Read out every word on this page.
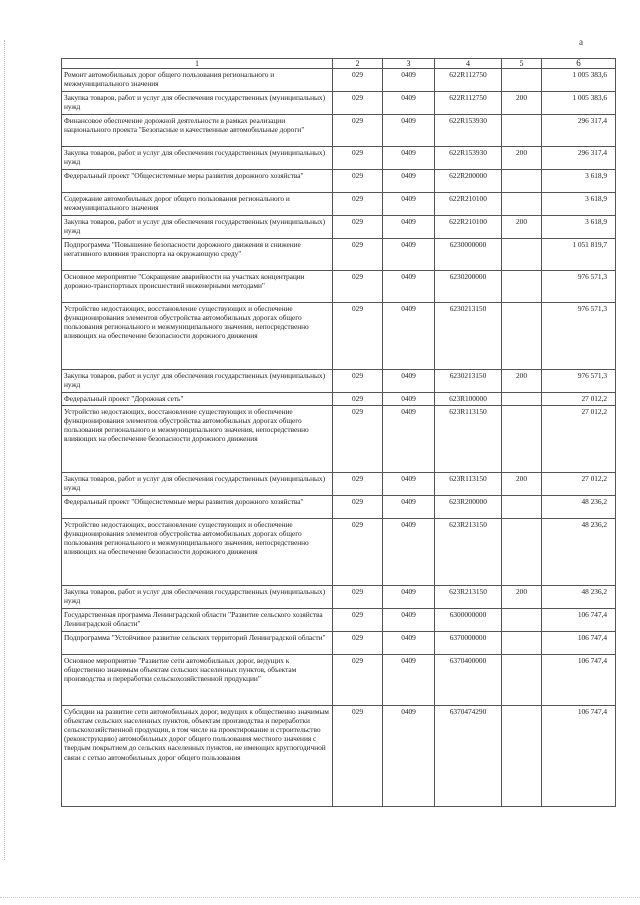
a
1	2	3	4	5	6
Ремонт автомобильных дорог общего пользования регионального и межмуниципального значения	029	0409	622R112750		1 005 383,6
Закупка товаров, работ и услуг для обеспечения государственных (муниципальных) нужд	029	0409	622R112750	200	1 005 383,6
Финансовое обеспечение дорожной деятельности в рамках реализации национального проекта "Безопасные и качественные автомобильные дороги"	029	0409	622R153930		296 317,4
Закупка товаров, работ и услуг для обеспечения государственных (муниципальных) нужд	029	0409	622R153930	200	296 317,4
Федеральный проект "Общесистемные меры развития дорожного хозяйства"	029	0409	622R200000		3 618,9
Содержание автомобильных дорог общего пользования регионального и межмуниципального значения	029	0409	622R210100		3 618,9
Закупка товаров, работ и услуг для обеспечения государственных (муниципальных) нужд	029	0409	622R210100	200	3 618,9
Подпрограмма "Повышение безопасности дорожного движения и снижение негативного влияния транспорта на окружающую среду"	029	0409	6230000000		1 051 819,7
Основное мероприятие "Сокращение аварийности на участках концентрации дорожно-транспортных происшествий инженерными методами"	029	0409	6230200000		976 571,3
Устройство недостающих, восстановление существующих и обеспечение функционирования элементов обустройства автомобильных дорогах общего пользования регионального и межмуниципального значения, непосредственно влияющих на обеспечение безопасности дорожного движения	029	0409	6230213150		976 571,3
Закупка товаров, работ и услуг для обеспечения государственных (муниципальных) нужд	029	0409	6230213150	200	976 571,3
Федеральный проект "Дорожная сеть"	029	0409	623R100000		27 012,2
Устройство недостающих, восстановление существующих и обеспечение функционирования элементов обустройства автомобильных дорогах общего пользования регионального и межмуниципального значения, непосредственно влияющих на обеспечение безопасности дорожного движения	029	0409	623R113150		27 012,2
Закупка товаров, работ и услуг для обеспечения государственных (муниципальных) нужд	029	0409	623R113150	200	27 012,2
Федеральный проект "Общесистемные меры развития дорожного хозяйства"	029	0409	623R200000		48 236,2
Устройство недостающих, восстановление существующих и обеспечение функционирования элементов обустройства автомобильных дорогах общего пользования регионального и межмуниципального значения, непосредственно влияющих на обеспечение безопасности дорожного движения	029	0409	623R213150		48 236,2
Закупка товаров, работ и услуг для обеспечения государственных (муниципальных) нужд	029	0409	623R213150	200	48 236,2
Государственная программа Ленинградской области "Развитие сельского хозяйства Ленинградской области"	029	0409	6300000000		106 747,4
Подпрограмма "Устойчивое развитие сельских территорий Ленинградской области"	029	0409	6370000000		106 747,4
Основное мероприятие "Развитие сети автомобильных дорог, ведущих к общественно значимым объектам сельских населенных пунктов, объектам производства и переработки сельскохозяйственной продукции"	029	0409	6370400000		106 747,4
Субсидии на развитие сети автомобильных дорог, ведущих к общественно значимым объектам сельских населенных пунктов, объектам производства и переработки сельскохозяйственной продукции, в том числе на проектирование и строительство (реконструкцию) автомобильных дорог общего пользования местного значения с твердым покрытием до сельских населенных пунктов, не имеющих круглогодичной связи с сетью автомобильных дорог общего пользования	029	0409	6370474290		106 747,4
